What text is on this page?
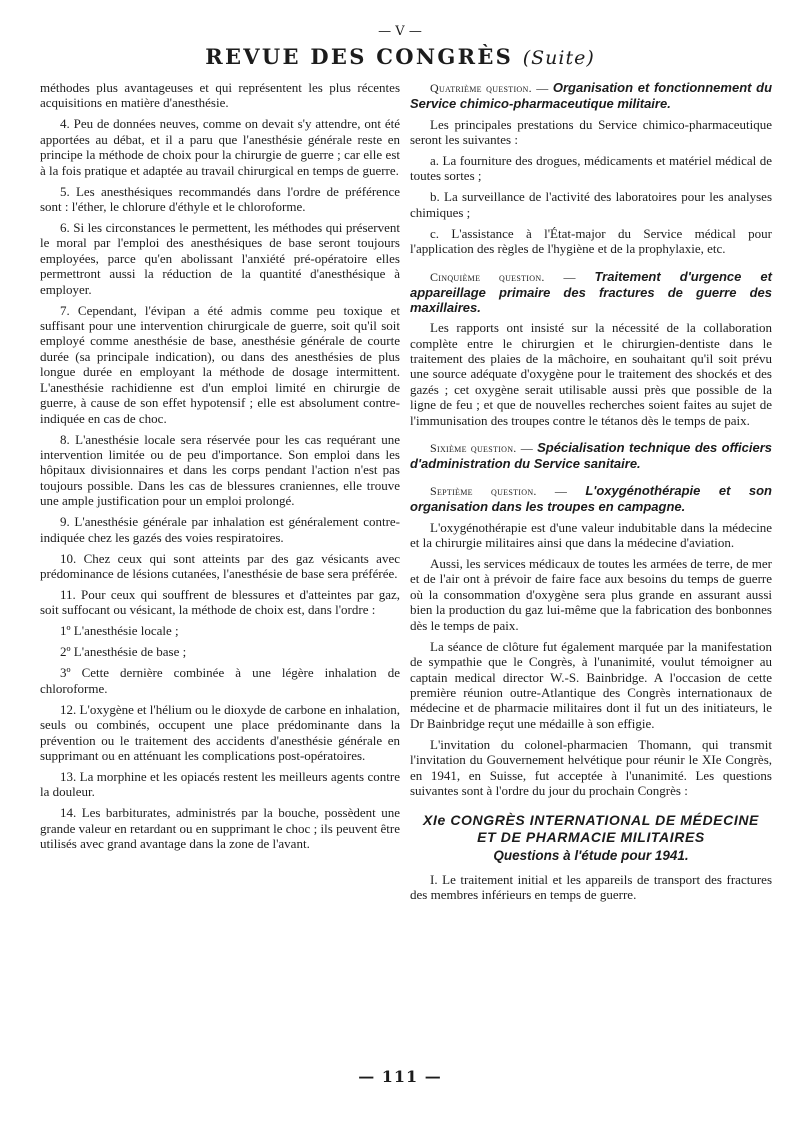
— V —
REVUE DES CONGRÈS (Suite)

méthodes plus avantageuses et qui représentent les plus récentes acquisitions en matière d'anesthésie.

4. Peu de données neuves, comme on devait s'y attendre, ont été apportées au débat, et il a paru que l'anesthésie générale reste en principe la méthode de choix pour la chirurgie de guerre ; car elle est à la fois pratique et adaptée au travail chirurgical en temps de guerre.

5. Les anesthésiques recommandés dans l'ordre de préférence sont : l'éther, le chlorure d'éthyle et le chloroforme.

6. Si les circonstances le permettent, les méthodes qui préservent le moral par l'emploi des anesthésiques de base seront toujours employées, parce qu'en abolissant l'anxiété pré-opératoire elles permettront aussi la réduction de la quantité d'anesthésique à employer.

7. Cependant, l'évipan a été admis comme peu toxique et suffisant pour une intervention chirurgicale de guerre, soit qu'il soit employé comme anesthésie de base, anesthésie générale de courte durée (sa principale indication), ou dans des anesthésies de plus longue durée en employant la méthode de dosage intermittent. L'anesthésie rachidienne est d'un emploi limité en chirurgie de guerre, à cause de son effet hypotensif ; elle est absolument contre-indiquée en cas de choc.

8. L'anesthésie locale sera réservée pour les cas requérant une intervention limitée ou de peu d'importance. Son emploi dans les hôpitaux divisionnaires et dans les corps pendant l'action n'est pas toujours possible. Dans les cas de blessures craniennes, elle trouve une ample justification pour un emploi prolongé.

9. L'anesthésie générale par inhalation est généralement contre-indiquée chez les gazés des voies respiratoires.

10. Chez ceux qui sont atteints par des gaz vésicants avec prédominance de lésions cutanées, l'anesthésie de base sera préférée.

11. Pour ceux qui souffrent de blessures et d'atteintes par gaz, soit suffocant ou vésicant, la méthode de choix est, dans l'ordre :

1º L'anesthésie locale ;

2º L'anesthésie de base ;

3º Cette dernière combinée à une légère inhalation de chloroforme.

12. L'oxygène et l'hélium ou le dioxyde de carbone en inhalation, seuls ou combinés, occupent une place prédominante dans la prévention ou le traitement des accidents d'anesthésie générale en supprimant ou en atténuant les complications post-opératoires.

13. La morphine et les opiacés restent les meilleurs agents contre la douleur.

14. Les barbiturates, administrés par la bouche, possèdent une grande valeur en retardant ou en supprimant le choc ; ils peuvent être utilisés avec grand avantage dans la zone de l'avant.

Quatrième question. — Organisation et fonctionnement du Service chimico-pharmaceutique militaire.

Les principales prestations du Service chimico-pharmaceutique seront les suivantes :

a. La fourniture des drogues, médicaments et matériel médical de toutes sortes ;

b. La surveillance de l'activité des laboratoires pour les analyses chimiques ;

c. L'assistance à l'État-major du Service médical pour l'application des règles de l'hygiène et de la prophylaxie, etc.

Cinquième question. — Traitement d'urgence et appareillage primaire des fractures de guerre des maxillaires.

Les rapports ont insisté sur la nécessité de la collaboration complète entre le chirurgien et le chirurgien-dentiste dans le traitement des plaies de la mâchoire, en souhaitant qu'il soit prévu une source adéquate d'oxygène pour le traitement des shockés et des gazés ; cet oxygène serait utilisable aussi près que possible de la ligne de feu ; et que de nouvelles recherches soient faites au sujet de l'immunisation des troupes contre le tétanos dès le temps de paix.

Sixième question. — Spécialisation technique des officiers d'administration du Service sanitaire.

Septième question. — L'oxygénothérapie et son organisation dans les troupes en campagne.

L'oxygénothérapie est d'une valeur indubitable dans la médecine et la chirurgie militaires ainsi que dans la médecine d'aviation.

Aussi, les services médicaux de toutes les armées de terre, de mer et de l'air ont à prévoir de faire face aux besoins du temps de guerre où la consommation d'oxygène sera plus grande en assurant aussi bien la production du gaz lui-même que la fabrication des bonbonnes dès le temps de paix.

La séance de clôture fut également marquée par la manifestation de sympathie que le Congrès, à l'unanimité, voulut témoigner au captain medical director W.-S. Bainbridge. A l'occasion de cette première réunion outre-Atlantique des Congrès internationaux de médecine et de pharmacie militaires dont il fut un des initiateurs, le Dr Bainbridge reçut une médaille à son effigie.

L'invitation du colonel-pharmacien Thomann, qui transmit l'invitation du Gouvernement helvétique pour réunir le XIe Congrès, en 1941, en Suisse, fut acceptée à l'unanimité. Les questions suivantes sont à l'ordre du jour du prochain Congrès :

XIe CONGRÈS INTERNATIONAL DE MÉDECINE ET DE PHARMACIE MILITAIRES
Questions à l'étude pour 1941.

I. Le traitement initial et les appareils de transport des fractures des membres inférieurs en temps de guerre.

— 111 —
